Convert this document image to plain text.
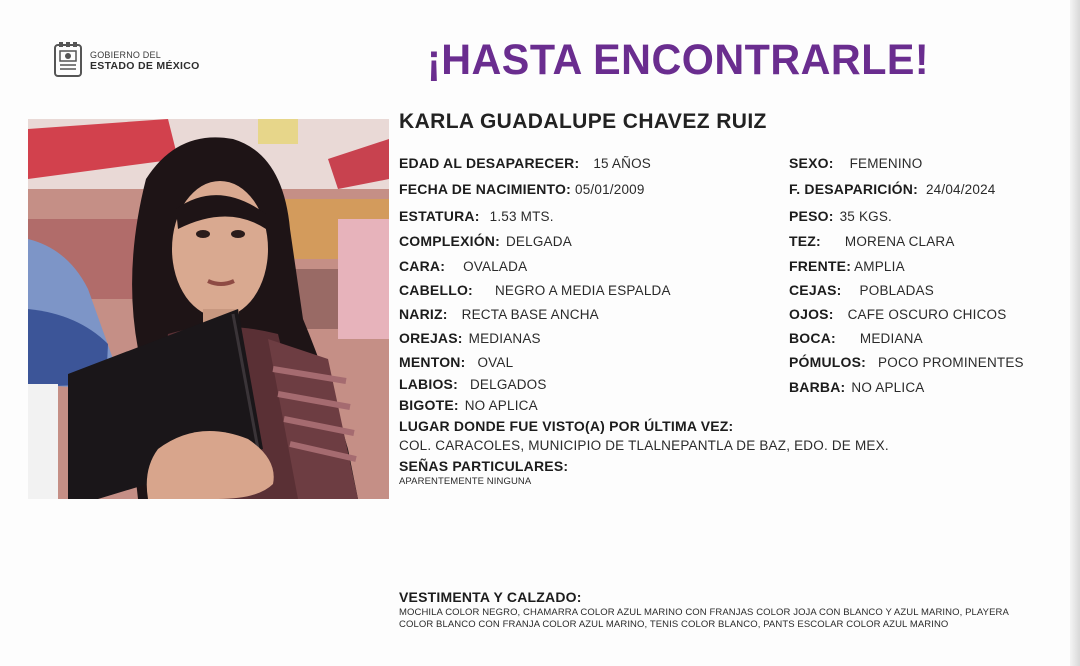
GOBIERNO DEL
ESTADO DE MÉXICO	¡HASTA ENCONTRARLE!
KARLA GUADALUPE CHAVEZ RUIZ
EDAD AL DESAPARECER: 15 AÑOS
FECHA DE NACIMIENTO: 05/01/2009
ESTATURA: 1.53 MTS.
COMPLEXIÓN: DELGADA
CARA: OVALADA
CABELLO: NEGRO A MEDIA ESPALDA
NARIZ: RECTA BASE ANCHA
OREJAS: MEDIANAS
MENTON: OVAL
LABIOS: DELGADOS
BIGOTE: NO APLICA
SEXO: FEMENINO
F. DESAPARICIÓN: 24/04/2024
PESO: 35 KGS.
TEZ: MORENA CLARA
FRENTE: AMPLIA
CEJAS: POBLADAS
OJOS: CAFE OSCURO CHICOS
BOCA: MEDIANA
PÓMULOS: POCO PROMINENTES
BARBA: NO APLICA
LUGAR DONDE FUE VISTO(A) POR ÚLTIMA VEZ:
COL. CARACOLES, MUNICIPIO DE TLALNEPANTLA DE BAZ, EDO. DE MEX.
SEÑAS PARTICULARES:
APARENTEMENTE NINGUNA
VESTIMENTA Y CALZADO:
MOCHILA COLOR NEGRO, CHAMARRA COLOR AZUL MARINO CON FRANJAS COLOR JOJA CON BLANCO Y AZUL MARINO, PLAYERA COLOR BLANCO CON FRANJA COLOR AZUL MARINO, TENIS COLOR BLANCO, PANTS ESCOLAR COLOR AZUL MARINO
